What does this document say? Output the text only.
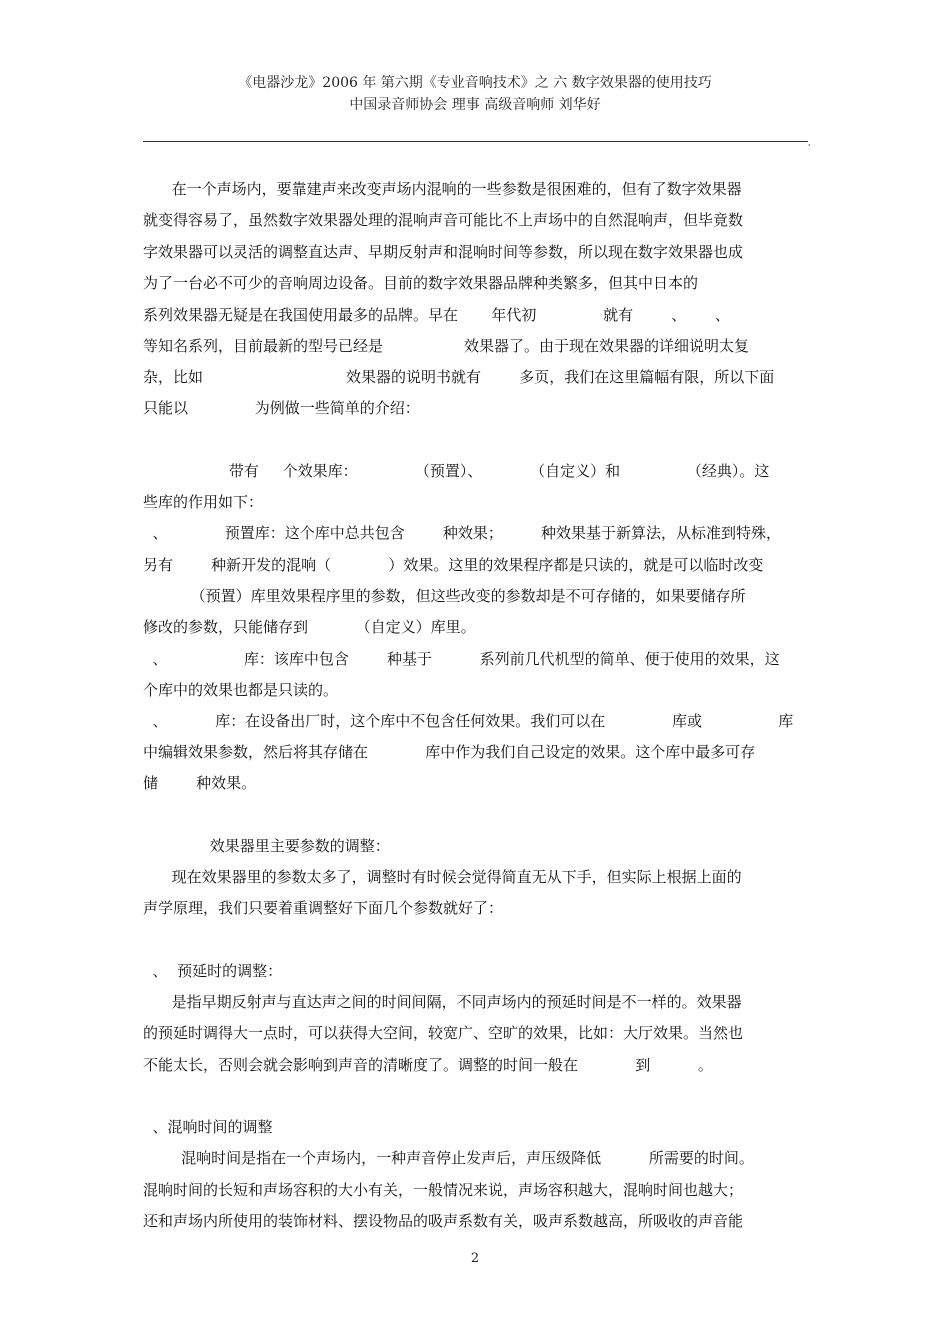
《电器沙龙》2006 年 第六期《专业音响技术》之 六 数字效果器的使用技巧
中国录音师协会 理事 高级音响师 刘华好
,
在一个声场内，要靠建声来改变声场内混响的一些参数是很困难的，但有了数字效果器
就变得容易了，虽然数字效果器处理的混响声音可能比不上声场中的自然混响声，但毕竟数
字效果器可以灵活的调整直达声、早期反射声和混响时间等参数，所以现在数字效果器也成
为了一台必不可少的音响周边设备。目前的数字效果器品牌种类繁多，但其中日本的
系列效果器无疑是在我国使用最多的品牌。早在       年代初              就有        、      、
等知名系列，目前最新的型号已经是                 效果器了。由于现在效果器的详细说明太复
杂，比如                              效果器的说明书就有        多页，我们在这里篇幅有限，所以下面
只能以              为例做一些简单的介绍：
带有     个效果库：            （预置）、          （自定义）和              （经典）。这
些库的作用如下：
、            预置库：这个库中总共包含        种效果；        种效果基于新算法，从标准到特殊，
另有        种新开发的混响（            ）效果。这里的效果程序都是只读的，就是可以临时改变
（预置）库里效果程序里的参数，但这些改变的参数却是不可存储的，如果要储存所
修改的参数，只能储存到          （自定义）库里。
、                库：该库中包含        种基于          系列前几代机型的简单、便于使用的效果，这
个库中的效果也都是只读的。
、          库：在设备出厂时，这个库中不包含任何效果。我们可以在              库或                库
中编辑效果参数，然后将其存储在            库中作为我们自己设定的效果。这个库中最多可存
储        种效果。
效果器里主要参数的调整：
现在效果器里的参数太多了，调整时有时候会觉得简直无从下手，但实际上根据上面的
声学原理，我们只要着重调整好下面几个参数就好了：
、  预延时的调整：
是指早期反射声与直达声之间的时间间隔，不同声场内的预延时间是不一样的。效果器
的预延时调得大一点时，可以获得大空间，较宽广、空旷的效果，比如：大厅效果。当然也
不能太长，否则会就会影响到声音的清晰度了。调整的时间一般在            到          。
、混响时间的调整
混响时间是指在一个声场内，一种声音停止发声后，声压级降低          所需要的时间。
混响时间的长短和声场容积的大小有关，一般情况来说，声场容积越大，混响时间也越大；
还和声场内所使用的装饰材料、摆设物品的吸声系数有关，吸声系数越高，所吸收的声音能
2
